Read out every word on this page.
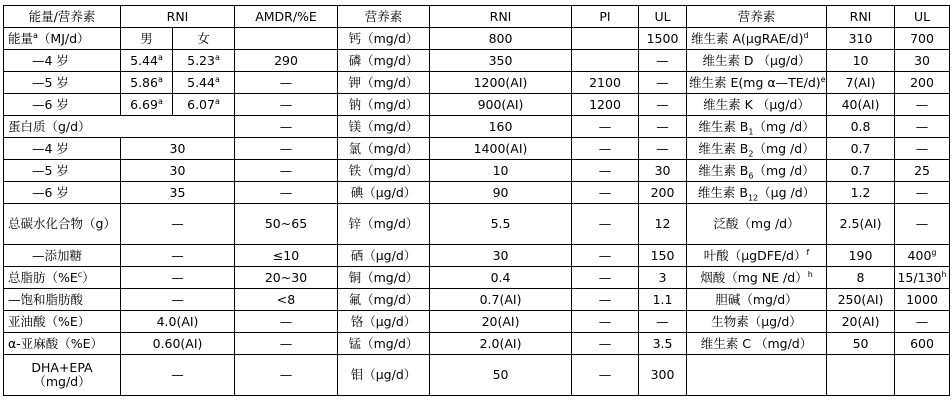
能量/营养素	RNI		AMDR/%E	营养素	RNI	PI	UL	营养素	RNI	UL
能量$^a$（MJ/d）	男	女		钙（mg/d）	800		1500	维生素 A(µgRAE/d)$^d$	310	700
—4 岁	5.44$^a$	5.23$^a$	290	磷（mg/d）	350		—	维生素 D （µg/d）	10	30
—5 岁	5.86$^a$	5.44$^a$	—	钾（mg/d）	1200(AI)	2100	—	维生素 E(mg α—TE/d)$^e$	7(AI)	200
—6 岁	6.69$^a$	6.07$^a$	—	钠（mg/d）	900(AI)	1200	—	维生素 K （µg/d）	40(AI)	—
蛋白质（g/d）			—	镁（mg/d）	160	—	—	维生素 $B_1(mg$ /d）	0.8	—
—4 岁	30		—	氯（mg/d）	1400(AI)	—	—	维生素 $B_2(mg$ /d）	0.7	—
—5 岁	30		—	铁（mg/d）	10	—	30	维生素 $B_6(mg$ /d）	0.7	25
—6 岁	35		—	碘（µg/d）	90	—	200	维生素 $B_{12}(\mu g$ /d）	1.2	—
总碳水化合物（g）	—		50~65	锌（mg/d）	5.5	—	12	泛酸（mg /d）	2.5(AI)	—
—添加糖	—		≤10	硒（µg/d）	30	—	150	叶酸（µgDFE/d）$^f$	190	400$^g$
总脂肪$(\%E^c)$	—		20~30	铜（mg/d）	0.4	—	3	烟酸（mg NE /d）$^h$	8	15/130$^h$
—饱和脂肪酸	—		<8	氟（mg/d）	0.7(AI)	—	1.1	胆碱（mg/d）	250(AI)	1000
亚油酸（%E）	4.0(AI)		—	铬（µg/d）	20(AI)	—	—	生物素（µg/d）	20(AI)	—
α-亚麻酸（%E）	0.60(AI)		—	锰（mg/d）	2.0(AI)	—	3.5	维生素 C （mg/d）	50	600
DHA+EPA（mg/d）	—		—	钼（µg/d）	50	—	300			
